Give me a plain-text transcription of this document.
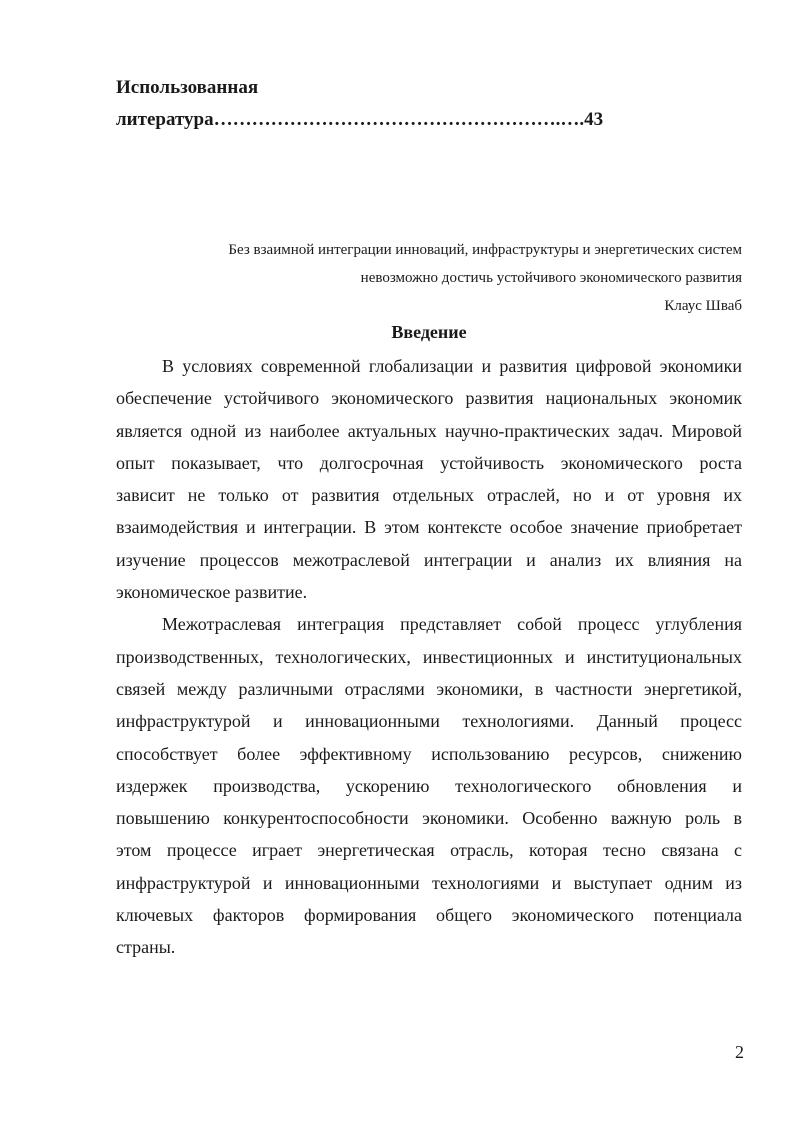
Использованная
литература……………………………………………….….43
Без взаимной интеграции инноваций, инфраструктуры и энергетических систем
невозможно достичь устойчивого экономического развития
Клаус Шваб
Введение
В условиях современной глобализации и развития цифровой экономики
обеспечение устойчивого экономического развития национальных экономик
является одной из наиболее актуальных научно-практических задач. Мировой
опыт показывает, что долгосрочная устойчивость экономического роста
зависит не только от развития отдельных отраслей, но и от уровня их
взаимодействия и интеграции. В этом контексте особое значение приобретает
изучение процессов межотраслевой интеграции и анализ их влияния на
экономическое развитие.
Межотраслевая интеграция представляет собой процесс углубления
производственных, технологических, инвестиционных и институциональных
связей между различными отраслями экономики, в частности энергетикой,
инфраструктурой и инновационными технологиями. Данный процесс
способствует более эффективному использованию ресурсов, снижению
издержек производства, ускорению технологического обновления и
повышению конкурентоспособности экономики. Особенно важную роль в
этом процессе играет энергетическая отрасль, которая тесно связана с
инфраструктурой и инновационными технологиями и выступает одним из
ключевых факторов формирования общего экономического потенциала
страны.
2
